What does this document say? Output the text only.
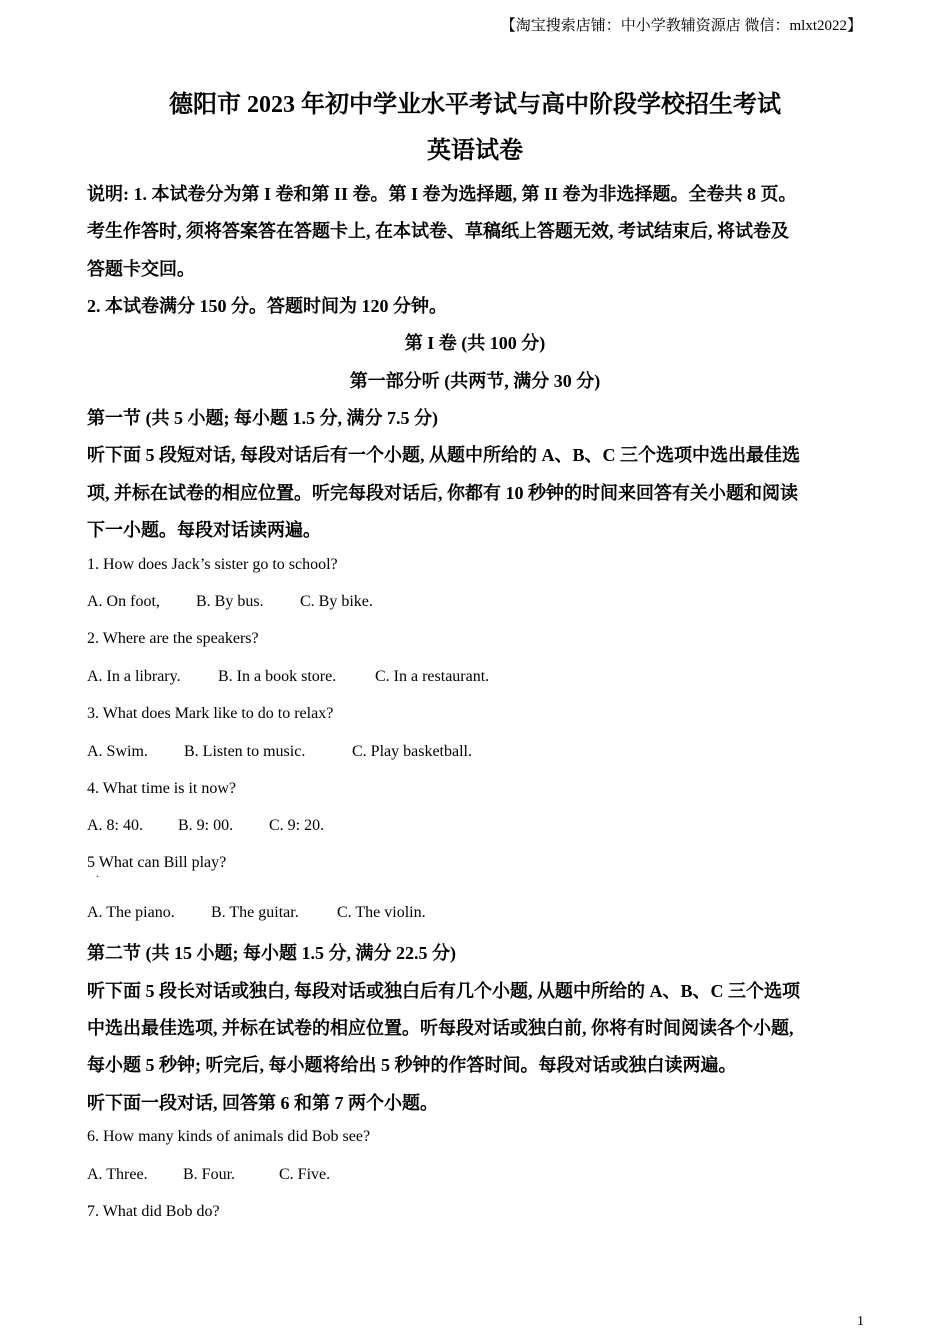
【淘宝搜索店铺：中小学教辅资源店 微信：mlxt2022】
德阳市 2023 年初中学业水平考试与高中阶段学校招生考试
英语试卷
说明: 1. 本试卷分为第 I 卷和第 II 卷。第 I 卷为选择题, 第 II 卷为非选择题。全卷共 8 页。
考生作答时, 须将答案答在答题卡上, 在本试卷、草稿纸上答题无效, 考试结束后, 将试卷及
答题卡交回。
2. 本试卷满分 150 分。答题时间为 120 分钟。
第 I 卷 (共 100 分)
第一部分听 (共两节, 满分 30 分)
第一节 (共 5 小题; 每小题 1.5 分, 满分 7.5 分)
听下面 5 段短对话, 每段对话后有一个小题, 从题中所给的 A、B、C 三个选项中选出最佳选
项, 并标在试卷的相应位置。听完每段对话后, 你都有 10 秒钟的时间来回答有关小题和阅读
下一小题。每段对话读两遍。
1. How does Jack’s sister go to school?
A. On foot, B. By bus. C. By bike.
2. Where are the speakers?
A. In a library. B. In a book store. C. In a restaurant.
3. What does Mark like to do to relax?
A. Swim. B. Listen to music.	C. Play basketball.
4. What time is it now?
A. 8: 40. B. 9: 00. C. 9: 20.
5 What can Bill play?
·
A. The piano. B. The guitar. C. The violin.
第二节 (共 15 小题; 每小题 1.5 分, 满分 22.5 分)
听下面 5 段长对话或独白, 每段对话或独白后有几个小题, 从题中所给的 A、B、C 三个选项
中选出最佳选项, 并标在试卷的相应位置。听每段对话或独白前, 你将有时间阅读各个小题,
每小题 5 秒钟; 听完后, 每小题将给出 5 秒钟的作答时间。每段对话或独白读两遍。
听下面一段对话, 回答第 6 和第 7 两个小题。
6. How many kinds of animals did Bob see?
A. Three. B. Four.	C. Five.
7. What did Bob do?
1
